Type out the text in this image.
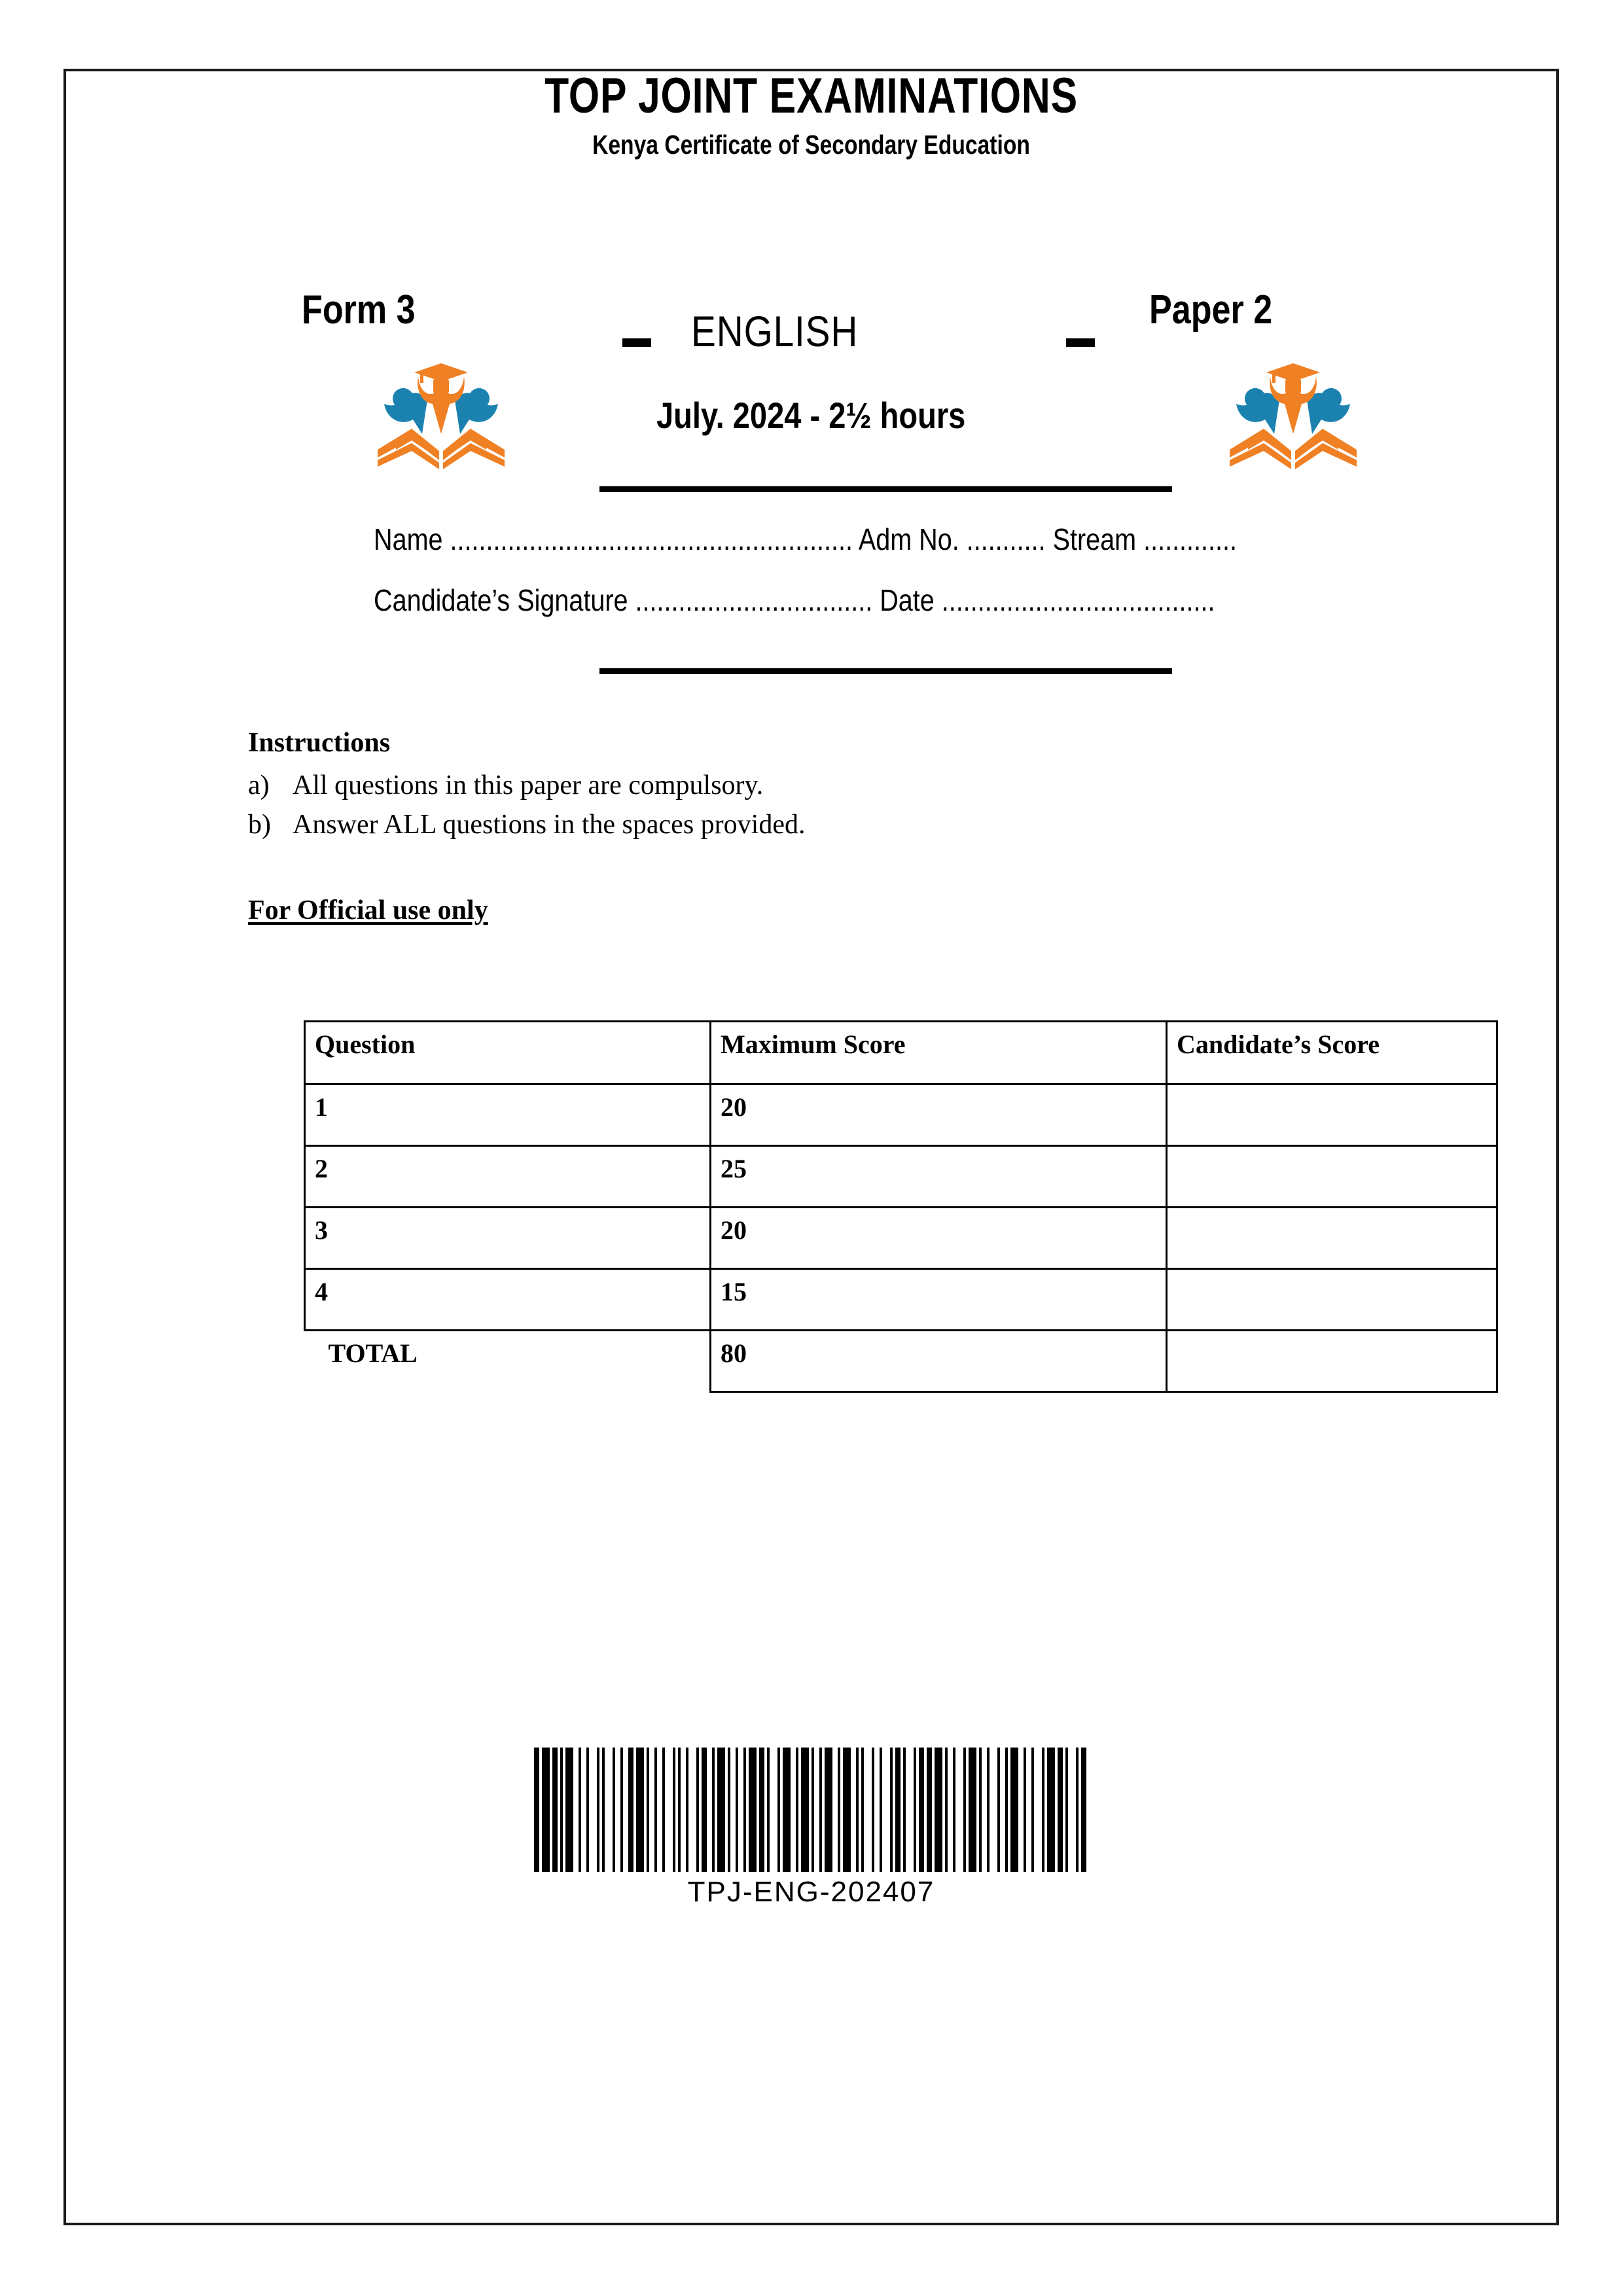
TOP JOINT EXAMINATIONS
Kenya Certificate of Secondary Education
Form 3	ENGLISH	Paper 2
July. 2024 - 2½ hours
Name ........................................................ Adm No. ........... Stream .............
Candidate’s Signature ................................. Date ......................................
Instructions
a) All questions in this paper are compulsory.
b) Answer ALL questions in the spaces provided.
For Official use only
Question	Maximum Score	Candidate’s Score
1	20	
2	25	
3	20	
4	15	
TOTAL	80	
TPJ-ENG-202407
